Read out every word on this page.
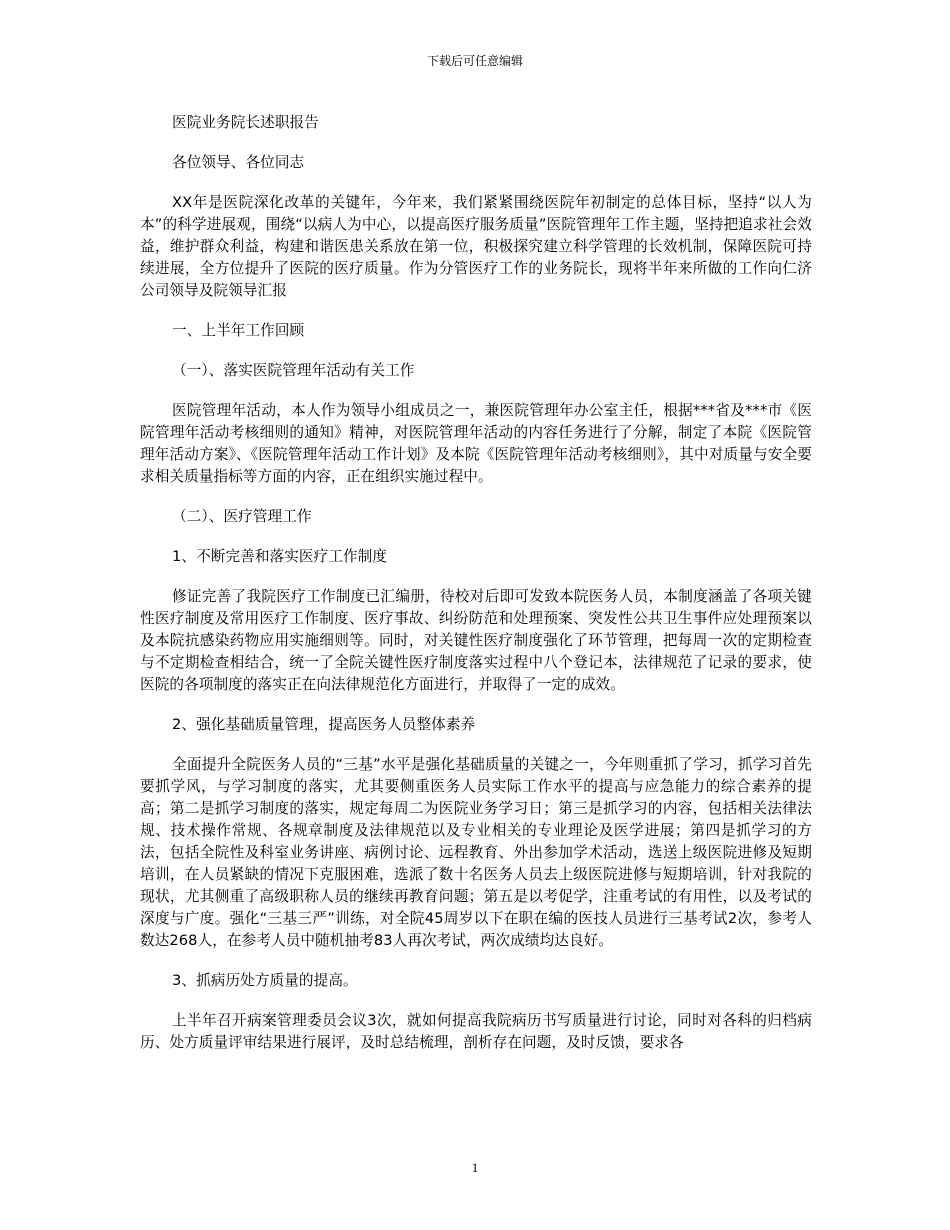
下载后可任意编辑

医院业务院长述职报告

各位领导、各位同志

XX年是医院深化改革的关键年，今年来，我们紧紧围绕医院年初制定的总体目标，坚持“以人为本”的科学进展观，围绕“以病人为中心，以提高医疗服务质量”医院管理年工作主题，坚持把追求社会效益，维护群众利益，构建和谐医患关系放在第一位，积极探究建立科学管理的长效机制，保障医院可持续进展，全方位提升了医院的医疗质量。作为分管医疗工作的业务院长，现将半年来所做的工作向仁济公司领导及院领导汇报

一、上半年工作回顾

（一）、落实医院管理年活动有关工作

医院管理年活动，本人作为领导小组成员之一，兼医院管理年办公室主任，根据***省及***市《医院管理年活动考核细则的通知》精神，对医院管理年活动的内容任务进行了分解，制定了本院《医院管理年活动方案》、《医院管理年活动工作计划》及本院《医院管理年活动考核细则》，其中对质量与安全要求相关质量指标等方面的内容，正在组织实施过程中。

（二）、医疗管理工作

1、不断完善和落实医疗工作制度

修证完善了我院医疗工作制度已汇编册，待校对后即可发致本院医务人员，本制度涵盖了各项关键性医疗制度及常用医疗工作制度、医疗事故、纠纷防范和处理预案、突发性公共卫生事件应处理预案以及本院抗感染药物应用实施细则等。同时，对关键性医疗制度强化了环节管理，把每周一次的定期检查与不定期检查相结合，统一了全院关键性医疗制度落实过程中八个登记本，法律规范了记录的要求，使医院的各项制度的落实正在向法律规范化方面进行，并取得了一定的成效。

2、强化基础质量管理，提高医务人员整体素养

全面提升全院医务人员的“三基”水平是强化基础质量的关键之一，今年则重抓了学习，抓学习首先要抓学风，与学习制度的落实，尤其要侧重医务人员实际工作水平的提高与应急能力的综合素养的提高；第二是抓学习制度的落实，规定每周二为医院业务学习日；第三是抓学习的内容，包括相关法律法规、技术操作常规、各规章制度及法律规范以及专业相关的专业理论及医学进展；第四是抓学习的方法，包括全院性及科室业务讲座、病例讨论、远程教育、外出参加学术活动，选送上级医院进修及短期培训，在人员紧缺的情况下克服困难，选派了数十名医务人员去上级医院进修与短期培训，针对我院的现状，尤其侧重了高级职称人员的继续再教育问题；第五是以考促学，注重考试的有用性，以及考试的深度与广度。强化“三基三严”训练，对全院45周岁以下在职在编的医技人员进行三基考试2次，参考人数达268人，在参考人员中随机抽考83人再次考试，两次成绩均达良好。

3、抓病历处方质量的提高。

上半年召开病案管理委员会议3次，就如何提高我院病历书写质量进行讨论，同时对各科的归档病历、处方质量评审结果进行展评，及时总结梳理，剖析存在问题，及时反馈，要求各

1
